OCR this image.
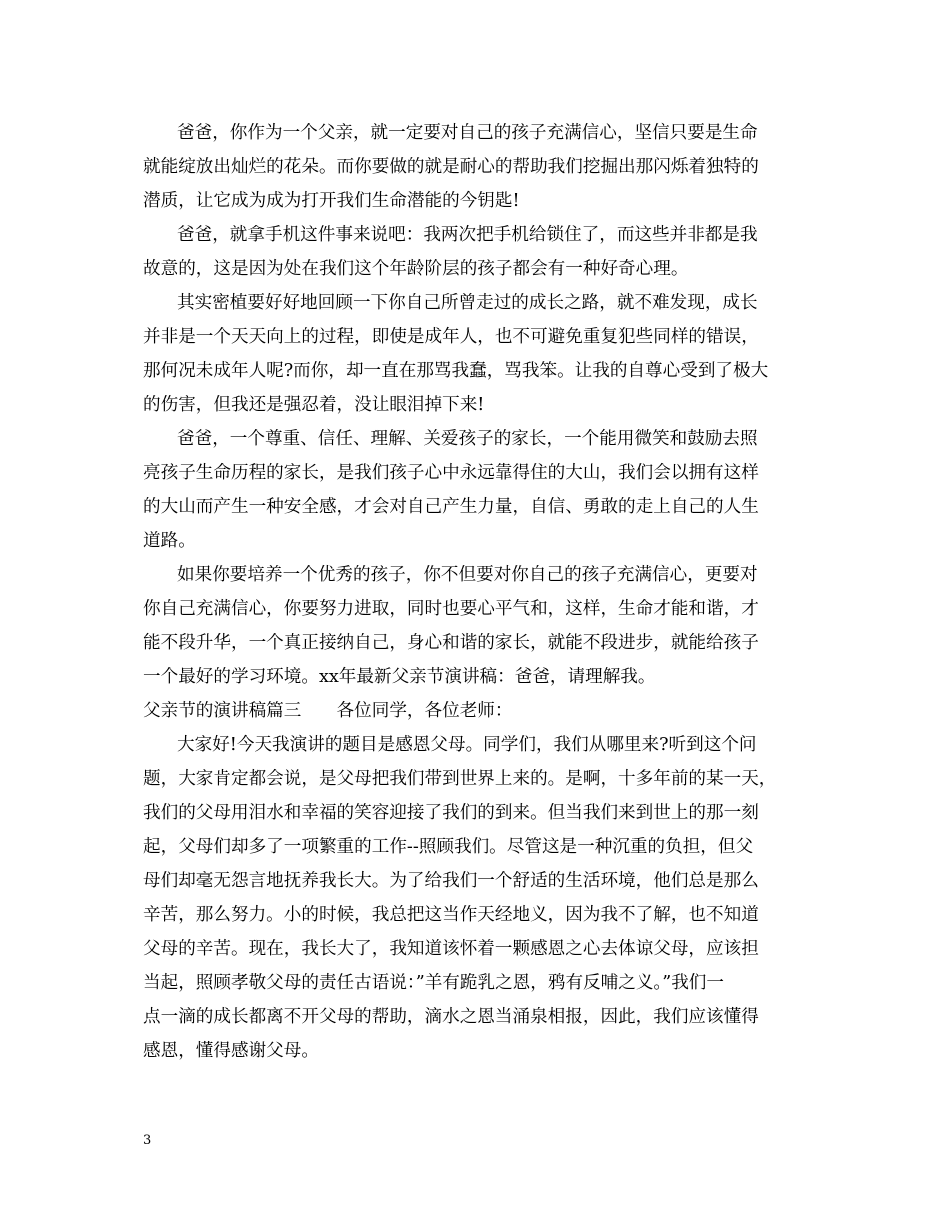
爸爸，你作为一个父亲，就一定要对自己的孩子充满信心，坚信只要是生命
就能绽放出灿烂的花朵。而你要做的就是耐心的帮助我们挖掘出那闪烁着独特的
潜质，让它成为成为打开我们生命潜能的今钥匙!
爸爸，就拿手机这件事来说吧：我两次把手机给锁住了，而这些并非都是我
故意的，这是因为处在我们这个年龄阶层的孩子都会有一种好奇心理。
其实密植要好好地回顾一下你自己所曾走过的成长之路，就不难发现，成长
并非是一个天天向上的过程，即使是成年人，也不可避免重复犯些同样的错误，
那何况未成年人呢?而你，却一直在那骂我蠢，骂我笨。让我的自尊心受到了极大
的伤害，但我还是强忍着，没让眼泪掉下来!
爸爸，一个尊重、信任、理解、关爱孩子的家长，一个能用微笑和鼓励去照
亮孩子生命历程的家长，是我们孩子心中永远靠得住的大山，我们会以拥有这样
的大山而产生一种安全感，才会对自己产生力量，自信、勇敢的走上自己的人生
道路。
如果你要培养一个优秀的孩子，你不但要对你自己的孩子充满信心，更要对
你自己充满信心，你要努力进取，同时也要心平气和，这样，生命才能和谐，才
能不段升华，一个真正接纳自己，身心和谐的家长，就能不段进步，就能给孩子
一个最好的学习环境。xx年最新父亲节演讲稿：爸爸，请理解我。
父亲节的演讲稿篇三　　各位同学，各位老师：
大家好!今天我演讲的题目是感恩父母。同学们，我们从哪里来?听到这个问
题，大家肯定都会说，是父母把我们带到世界上来的。是啊，十多年前的某一天，
我们的父母用泪水和幸福的笑容迎接了我们的到来。但当我们来到世上的那一刻
起，父母们却多了一项繁重的工作--照顾我们。尽管这是一种沉重的负担，但父
母们却毫无怨言地抚养我长大。为了给我们一个舒适的生活环境，他们总是那么
辛苦，那么努力。小的时候，我总把这当作天经地义，因为我不了解，也不知道
父母的辛苦。现在，我长大了，我知道该怀着一颗感恩之心去体谅父母，应该担
当起，照顾孝敬父母的责任古语说：”羊有跪乳之恩，鸦有反哺之义。”我们一
点一滴的成长都离不开父母的帮助，滴水之恩当涌泉相报，因此，我们应该懂得
感恩，懂得感谢父母。
3
